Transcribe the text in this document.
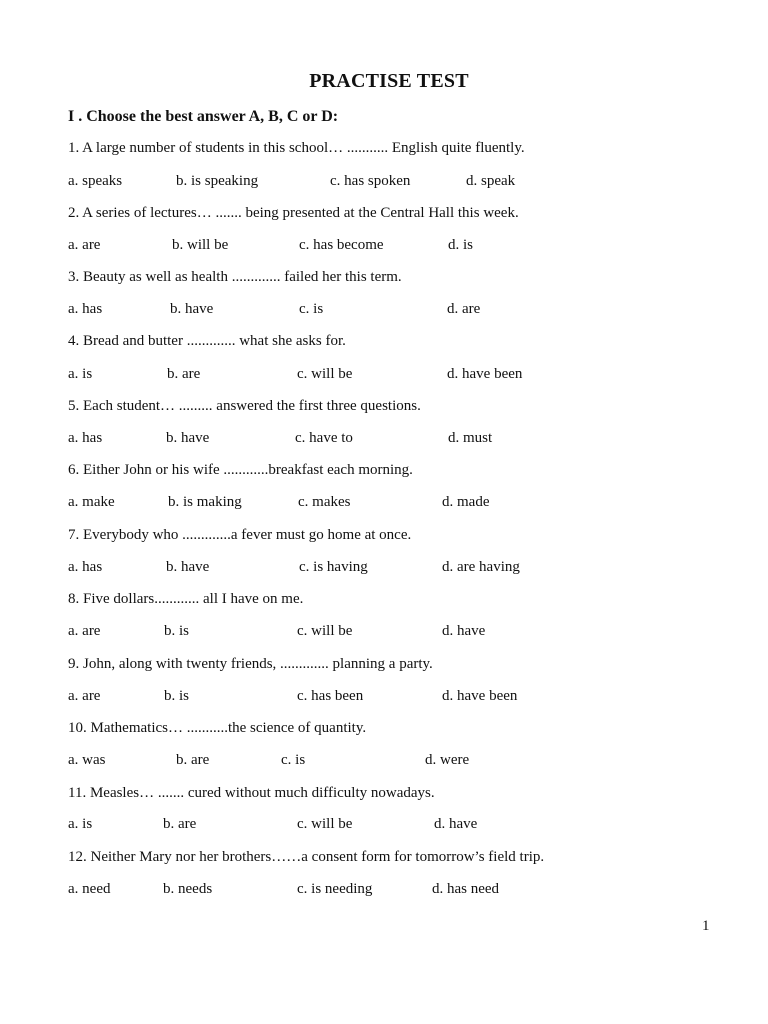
PRACTISE TEST
I . Choose the best answer A, B, C or D:
1. A large number of students in this school… ........... English quite fluently.
a. speaks	b. is speaking	c. has spoken	d. speak
2. A series of lectures… ....... being presented at the Central Hall this week.
a. are	b. will be	c. has become	d. is
3. Beauty as well as health ............. failed her this term.
a. has	b. have	c. is	d. are
4. Bread and butter ............. what she asks for.
a. is	b. are	c. will be	d. have been
5. Each student… ......... answered the first three questions.
a. has	b. have	c. have to	d. must
6. Either John or his wife ............breakfast each morning.
a. make	b. is making	c. makes	d. made
7. Everybody who .............a fever must go home at once.
a. has	b. have	c. is having	d. are having
8. Five dollars............ all I have on me.
a. are	b. is	c. will be	d. have
9. John, along with twenty friends, ............. planning a party.
a. are	b. is	c. has been	d. have been
10. Mathematics… ...........the science of quantity.
a. was	b. are	c. is	d. were
11. Measles… ....... cured without much difficulty nowadays.
a. is	b. are	c. will be	d. have
12. Neither Mary nor her brothers……a consent form for tomorrow’s field trip.
a. need	b. needs	c. is needing	d. has need
1
